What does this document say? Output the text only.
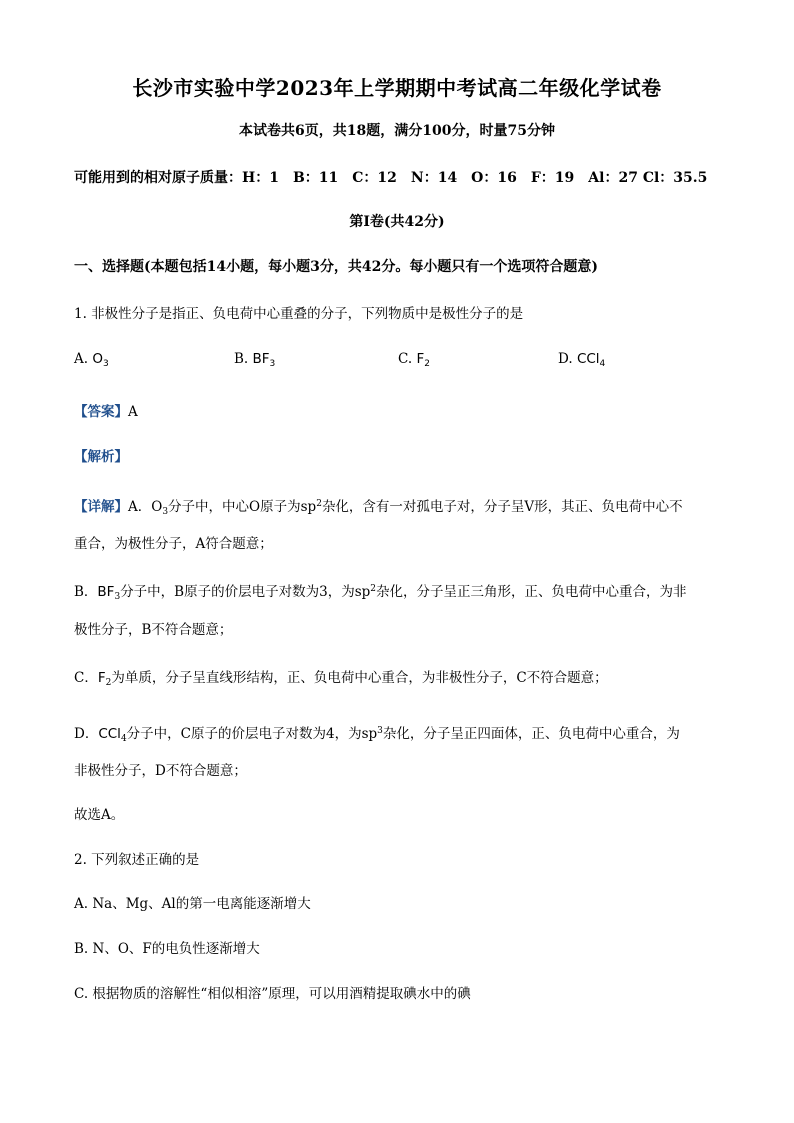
长沙市实验中学2023年上学期期中考试高二年级化学试卷
本试卷共6页，共18题，满分100分，时量75分钟
可能用到的相对原子质量：H：1　B：11　C：12　N：14　O：16　F：19　Al：27 Cl：35.5
第Ⅰ卷(共42分)
一、选择题(本题包括14小题，每小题3分，共42分。每小题只有一个选项符合题意)
1. 非极性分子是指正、负电荷中心重叠的分子，下列物质中是极性分子的是
A. $O_3$	B. $BF_3$	C. $F_2$	D. CCl$_4$
【答案】A
【解析】
【详解】A．$O_3$分子中，中心O原子为$sp^2$杂化，含有一对孤电子对，分子呈V形，其正、负电荷中心不
重合，为极性分子，A符合题意；
B．$BF_3$分子中，B原子的价层电子对数为3，为$sp^2$杂化，分子呈正三角形，正、负电荷中心重合，为非
极性分子，B不符合题意；
C．$F_2$为单质，分子呈直线形结构，正、负电荷中心重合，为非极性分子，C不符合题意；
D．CCl$_4$分子中，C原子的价层电子对数为4，为$sp^3$杂化，分子呈正四面体，正、负电荷中心重合，为
非极性分子，D不符合题意；
故选A。
2. 下列叙述正确的是
A. Na、Mg、Al的第一电离能逐渐增大
B. N、O、F的电负性逐渐增大
C. 根据物质的溶解性“相似相溶”原理，可以用酒精提取碘水中的碘
